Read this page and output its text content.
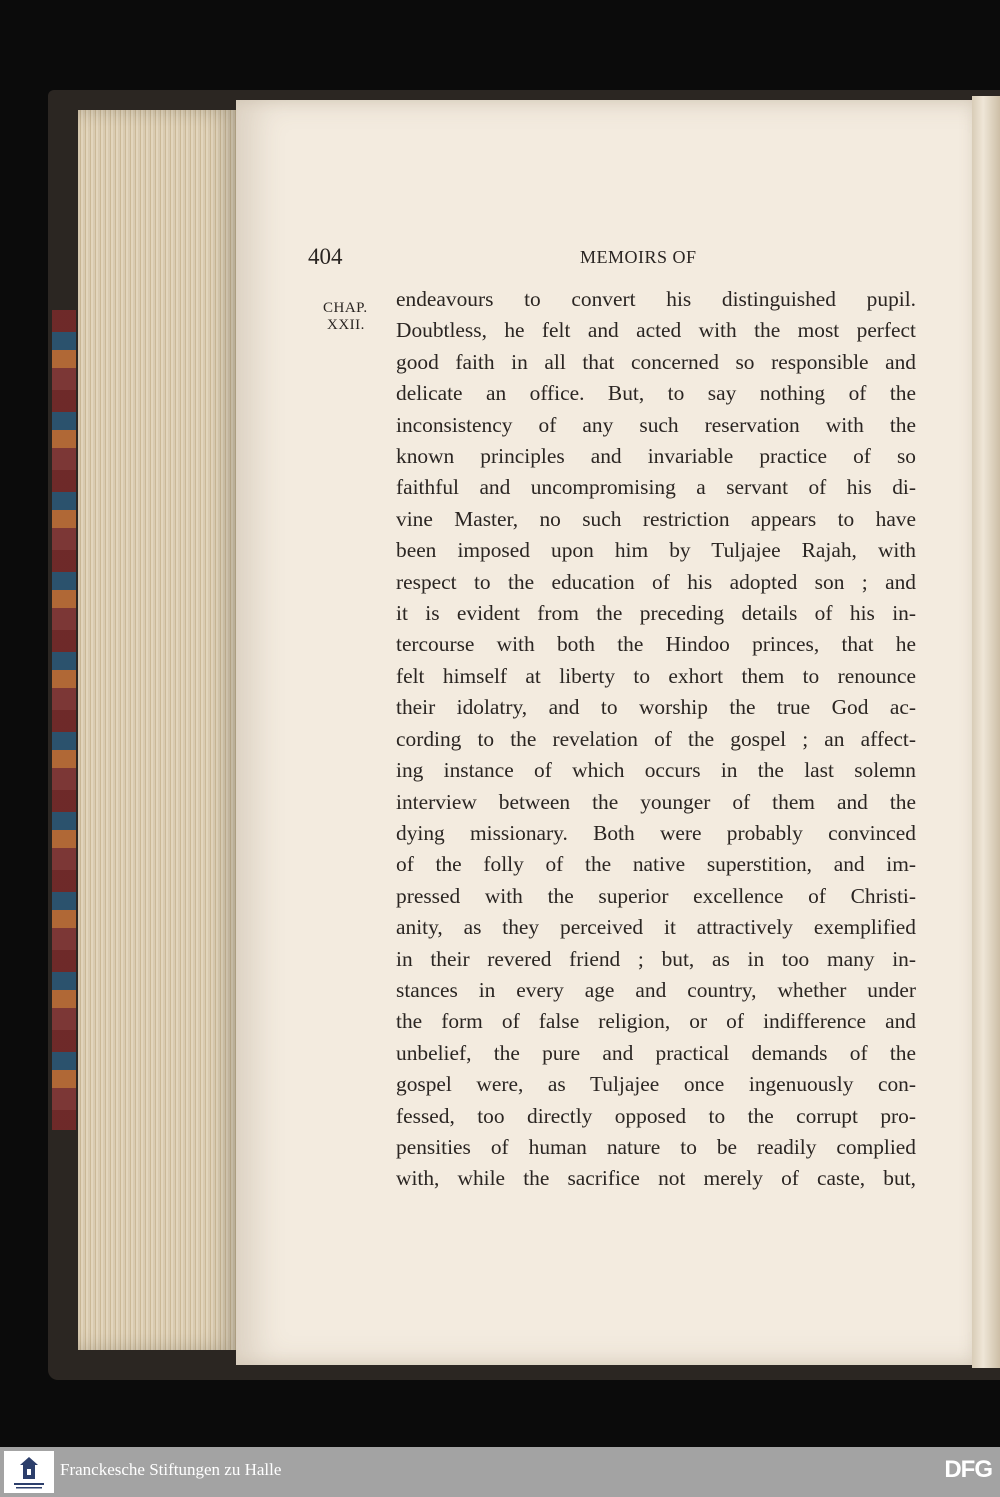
404	MEMOIRS OF
CHAP.
XXII.
endeavours to convert his distinguished pupil.
Doubtless, he felt and acted with the most perfect
good faith in all that concerned so responsible and
delicate an office. But, to say nothing of the
inconsistency of any such reservation with the
known principles and invariable practice of so
faithful and uncompromising a servant of his di-
vine Master, no such restriction appears to have
been imposed upon him by Tuljajee Rajah, with
respect to the education of his adopted son ; and
it is evident from the preceding details of his in-
tercourse with both the Hindoo princes, that he
felt himself at liberty to exhort them to renounce
their idolatry, and to worship the true God ac-
cording to the revelation of the gospel ; an affect-
ing instance of which occurs in the last solemn
interview between the younger of them and the
dying missionary. Both were probably convinced
of the folly of the native superstition, and im-
pressed with the superior excellence of Christi-
anity, as they perceived it attractively exemplified
in their revered friend ; but, as in too many in-
stances in every age and country, whether under
the form of false religion, or of indifference and
unbelief, the pure and practical demands of the
gospel were, as Tuljajee once ingenuously con-
fessed, too directly opposed to the corrupt pro-
pensities of human nature to be readily complied
with, while the sacrifice not merely of caste, but,
Franckesche Stiftungen zu Halle	DFG
